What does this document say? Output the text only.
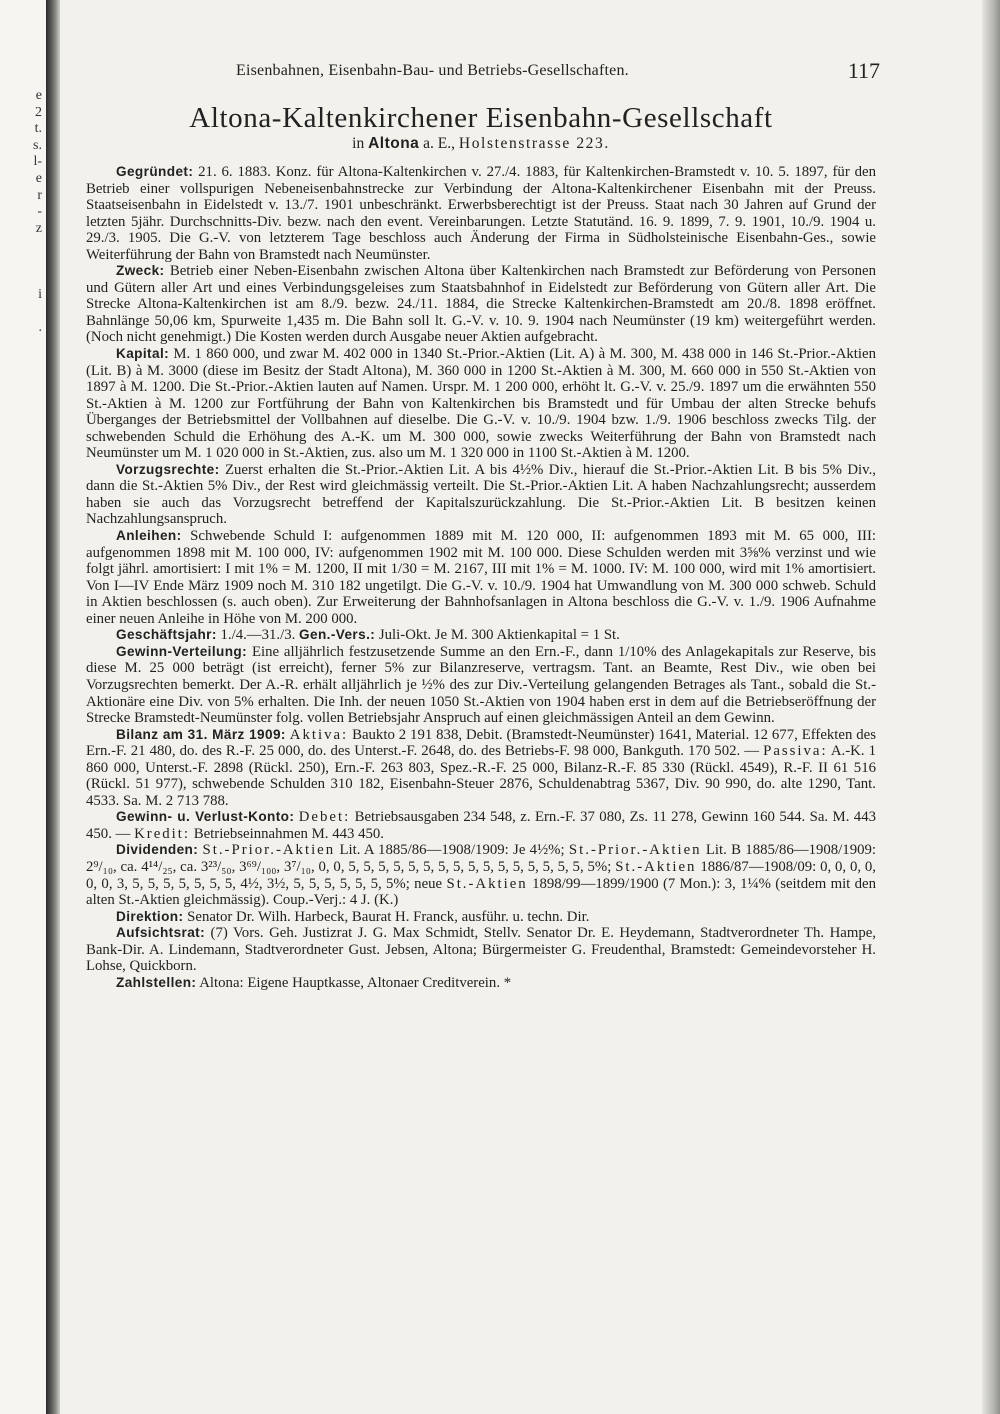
e
2
t.
s.
l-
e
r
-
z

i

.
Eisenbahnen, Eisenbahn-Bau- und Betriebs-Gesellschaften.	117
Altona-Kaltenkirchener Eisenbahn-Gesellschaft
in Altona a. E., Holstenstrasse 223.

Gegründet: 21. 6. 1883. Konz. für Altona-Kaltenkirchen v. 27./4. 1883, für Kaltenkirchen-Bramstedt v. 10. 5. 1897, für den Betrieb einer vollspurigen Nebeneisenbahnstrecke zur Verbindung der Altona-Kaltenkirchener Eisenbahn mit der Preuss. Staatseisenbahn in Eidelstedt v. 13./7. 1901 unbeschränkt. Erwerbsberechtigt ist der Preuss. Staat nach 30 Jahren auf Grund der letzten 5jähr. Durchschnitts-Div. bezw. nach den event. Vereinbarungen. Letzte Statutänd. 16. 9. 1899, 7. 9. 1901, 10./9. 1904 u. 29./3. 1905. Die G.-V. von letzterem Tage beschloss auch Änderung der Firma in Südholsteinische Eisenbahn-Ges., sowie Weiterführung der Bahn von Bramstedt nach Neumünster.

Zweck: Betrieb einer Neben-Eisenbahn zwischen Altona über Kaltenkirchen nach Bramstedt zur Beförderung von Personen und Gütern aller Art und eines Verbindungsgeleises zum Staatsbahnhof in Eidelstedt zur Beförderung von Gütern aller Art. Die Strecke Altona-Kaltenkirchen ist am 8./9. bezw. 24./11. 1884, die Strecke Kaltenkirchen-Bramstedt am 20./8. 1898 eröffnet. Bahnlänge 50,06 km, Spurweite 1,435 m. Die Bahn soll lt. G.-V. v. 10. 9. 1904 nach Neumünster (19 km) weitergeführt werden. (Noch nicht genehmigt.) Die Kosten werden durch Ausgabe neuer Aktien aufgebracht.

Kapital: M. 1 860 000, und zwar M. 402 000 in 1340 St.-Prior.-Aktien (Lit. A) à M. 300, M. 438 000 in 146 St.-Prior.-Aktien (Lit. B) à M. 3000 (diese im Besitz der Stadt Altona), M. 360 000 in 1200 St.-Aktien à M. 300, M. 660 000 in 550 St.-Aktien von 1897 à M. 1200. Die St.-Prior.-Aktien lauten auf Namen. Urspr. M. 1 200 000, erhöht lt. G.-V. v. 25./9. 1897 um die erwähnten 550 St.-Aktien à M. 1200 zur Fortführung der Bahn von Kaltenkirchen bis Bramstedt und für Umbau der alten Strecke behufs Überganges der Betriebsmittel der Vollbahnen auf dieselbe. Die G.-V. v. 10./9. 1904 bzw. 1./9. 1906 beschloss zwecks Tilg. der schwebenden Schuld die Erhöhung des A.-K. um M. 300 000, sowie zwecks Weiterführung der Bahn von Bramstedt nach Neumünster um M. 1 020 000 in St.-Aktien, zus. also um M. 1 320 000 in 1100 St.-Aktien à M. 1200.

Vorzugsrechte: Zuerst erhalten die St.-Prior.-Aktien Lit. A bis 4½% Div., hierauf die St.-Prior.-Aktien Lit. B bis 5% Div., dann die St.-Aktien 5% Div., der Rest wird gleichmässig verteilt. Die St.-Prior.-Aktien Lit. A haben Nachzahlungsrecht; ausserdem haben sie auch das Vorzugsrecht betreffend der Kapitalszurückzahlung. Die St.-Prior.-Aktien Lit. B besitzen keinen Nachzahlungsanspruch.

Anleihen: Schwebende Schuld I: aufgenommen 1889 mit M. 120 000, II: aufgenommen 1893 mit M. 65 000, III: aufgenommen 1898 mit M. 100 000, IV: aufgenommen 1902 mit M. 100 000. Diese Schulden werden mit 3⅝% verzinst und wie folgt jährl. amortisiert: I mit 1% = M. 1200, II mit 1/30 = M. 2167, III mit 1% = M. 1000. IV: M. 100 000, wird mit 1% amortisiert. Von I—IV Ende März 1909 noch M. 310 182 ungetilgt. Die G.-V. v. 10./9. 1904 hat Umwandlung von M. 300 000 schweb. Schuld in Aktien beschlossen (s. auch oben). Zur Erweiterung der Bahnhofsanlagen in Altona beschloss die G.-V. v. 1./9. 1906 Aufnahme einer neuen Anleihe in Höhe von M. 200 000.

Geschäftsjahr: 1./4.—31./3. Gen.-Vers.: Juli-Okt. Je M. 300 Aktienkapital = 1 St.

Gewinn-Verteilung: Eine alljährlich festzusetzende Summe an den Ern.-F., dann 1/10% des Anlagekapitals zur Reserve, bis diese M. 25 000 beträgt (ist erreicht), ferner 5% zur Bilanzreserve, vertragsm. Tant. an Beamte, Rest Div., wie oben bei Vorzugsrechten bemerkt. Der A.-R. erhält alljährlich je ½% des zur Div.-Verteilung gelangenden Betrages als Tant., sobald die St.-Aktionäre eine Div. von 5% erhalten. Die Inh. der neuen 1050 St.-Aktien von 1904 haben erst in dem auf die Betriebseröffnung der Strecke Bramstedt-Neumünster folg. vollen Betriebsjahr Anspruch auf einen gleichmässigen Anteil an dem Gewinn.

Bilanz am 31. März 1909: Aktiva: Baukto 2 191 838, Debit. (Bramstedt-Neumünster) 1641, Material. 12 677, Effekten des Ern.-F. 21 480, do. des R.-F. 25 000, do. des Unterst.-F. 2648, do. des Betriebs-F. 98 000, Bankguth. 170 502. — Passiva: A.-K. 1 860 000, Unterst.-F. 2898 (Rückl. 250), Ern.-F. 263 803, Spez.-R.-F. 25 000, Bilanz-R.-F. 85 330 (Rückl. 4549), R.-F. II 61 516 (Rückl. 51 977), schwebende Schulden 310 182, Eisenbahn-Steuer 2876, Schuldenabtrag 5367, Div. 90 990, do. alte 1290, Tant. 4533. Sa. M. 2 713 788.

Gewinn- u. Verlust-Konto: Debet: Betriebsausgaben 234 548, z. Ern.-F. 37 080, Zs. 11 278, Gewinn 160 544. Sa. M. 443 450. — Kredit: Betriebseinnahmen M. 443 450.

Dividenden: St.-Prior.-Aktien Lit. A 1885/86—1908/1909: Je 4½%; St.-Prior.-Aktien Lit. B 1885/86—1908/1909: 2⁹/₁₀, ca. 4¹⁴/₂₅, ca. 3²³/₅₀, 3⁶⁹/₁₀₀, 3⁷/₁₀, 0, 0, 5, 5, 5, 5, 5, 5, 5, 5, 5, 5, 5, 5, 5, 5, 5, 5, 5%; St.-Aktien 1886/87—1908/09: 0, 0, 0, 0, 0, 0, 3, 5, 5, 5, 5, 5, 5, 5, 4½, 3½, 5, 5, 5, 5, 5, 5, 5%; neue St.-Aktien 1898/99—1899/1900 (7 Mon.): 3, 1¼% (seitdem mit den alten St.-Aktien gleichmässig). Coup.-Verj.: 4 J. (K.)

Direktion: Senator Dr. Wilh. Harbeck, Baurat H. Franck, ausführ. u. techn. Dir.

Aufsichtsrat: (7) Vors. Geh. Justizrat J. G. Max Schmidt, Stellv. Senator Dr. E. Heydemann, Stadtverordneter Th. Hampe, Bank-Dir. A. Lindemann, Stadtverordneter Gust. Jebsen, Altona; Bürgermeister G. Freudenthal, Bramstedt: Gemeindevorsteher H. Lohse, Quickborn.

Zahlstellen: Altona: Eigene Hauptkasse, Altonaer Creditverein. *
